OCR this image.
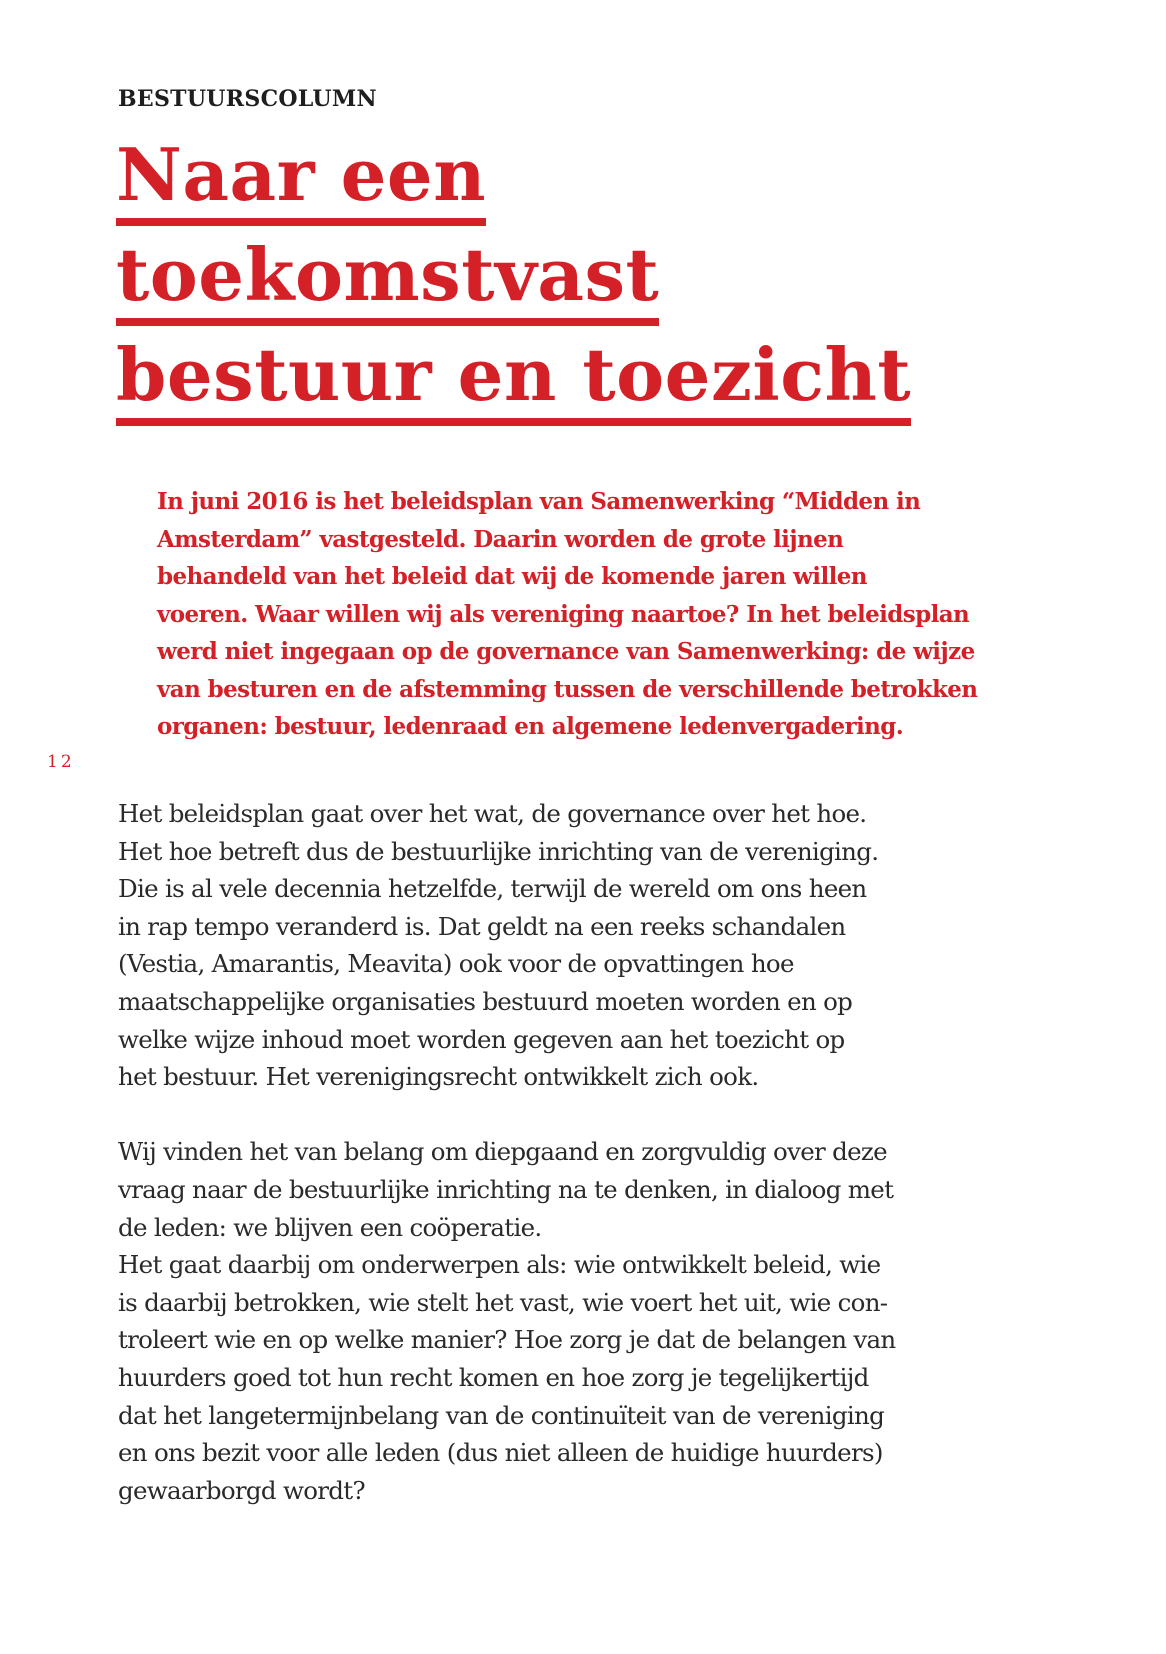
BESTUURSCOLUMN
Naar een
toekomstvast
bestuur en toezicht

In juni 2016 is het beleidsplan van Samenwerking “Midden in
Amsterdam” vastgesteld. Daarin worden de grote lijnen
behandeld van het beleid dat wij de komende jaren willen
voeren. Waar willen wij als vereniging naartoe? In het beleidsplan
werd niet ingegaan op de governance van Samenwerking: de wijze
van besturen en de afstemming tussen de verschillende betrokken
organen: bestuur, ledenraad en algemene ledenvergadering.

12

Het beleidsplan gaat over het wat, de governance over het hoe.
Het hoe betreft dus de bestuurlijke inrichting van de vereniging.
Die is al vele decennia hetzelfde, terwijl de wereld om ons heen
in rap tempo veranderd is. Dat geldt na een reeks schandalen
(Vestia, Amarantis, Meavita) ook voor de opvattingen hoe
maatschappelijke organisaties bestuurd moeten worden en op
welke wijze inhoud moet worden gegeven aan het toezicht op
het bestuur. Het verenigingsrecht ontwikkelt zich ook.

Wij vinden het van belang om diepgaand en zorgvuldig over deze
vraag naar de bestuurlijke inrichting na te denken, in dialoog met
de leden: we blijven een coöperatie.

Het gaat daarbij om onderwerpen als: wie ontwikkelt beleid, wie
is daarbij betrokken, wie stelt het vast, wie voert het uit, wie con-
troleert wie en op welke manier? Hoe zorg je dat de belangen van
huurders goed tot hun recht komen en hoe zorg je tegelijkertijd
dat het langetermijnbelang van de continuïteit van de vereniging
en ons bezit voor alle leden (dus niet alleen de huidige huurders)
gewaarborgd wordt?
